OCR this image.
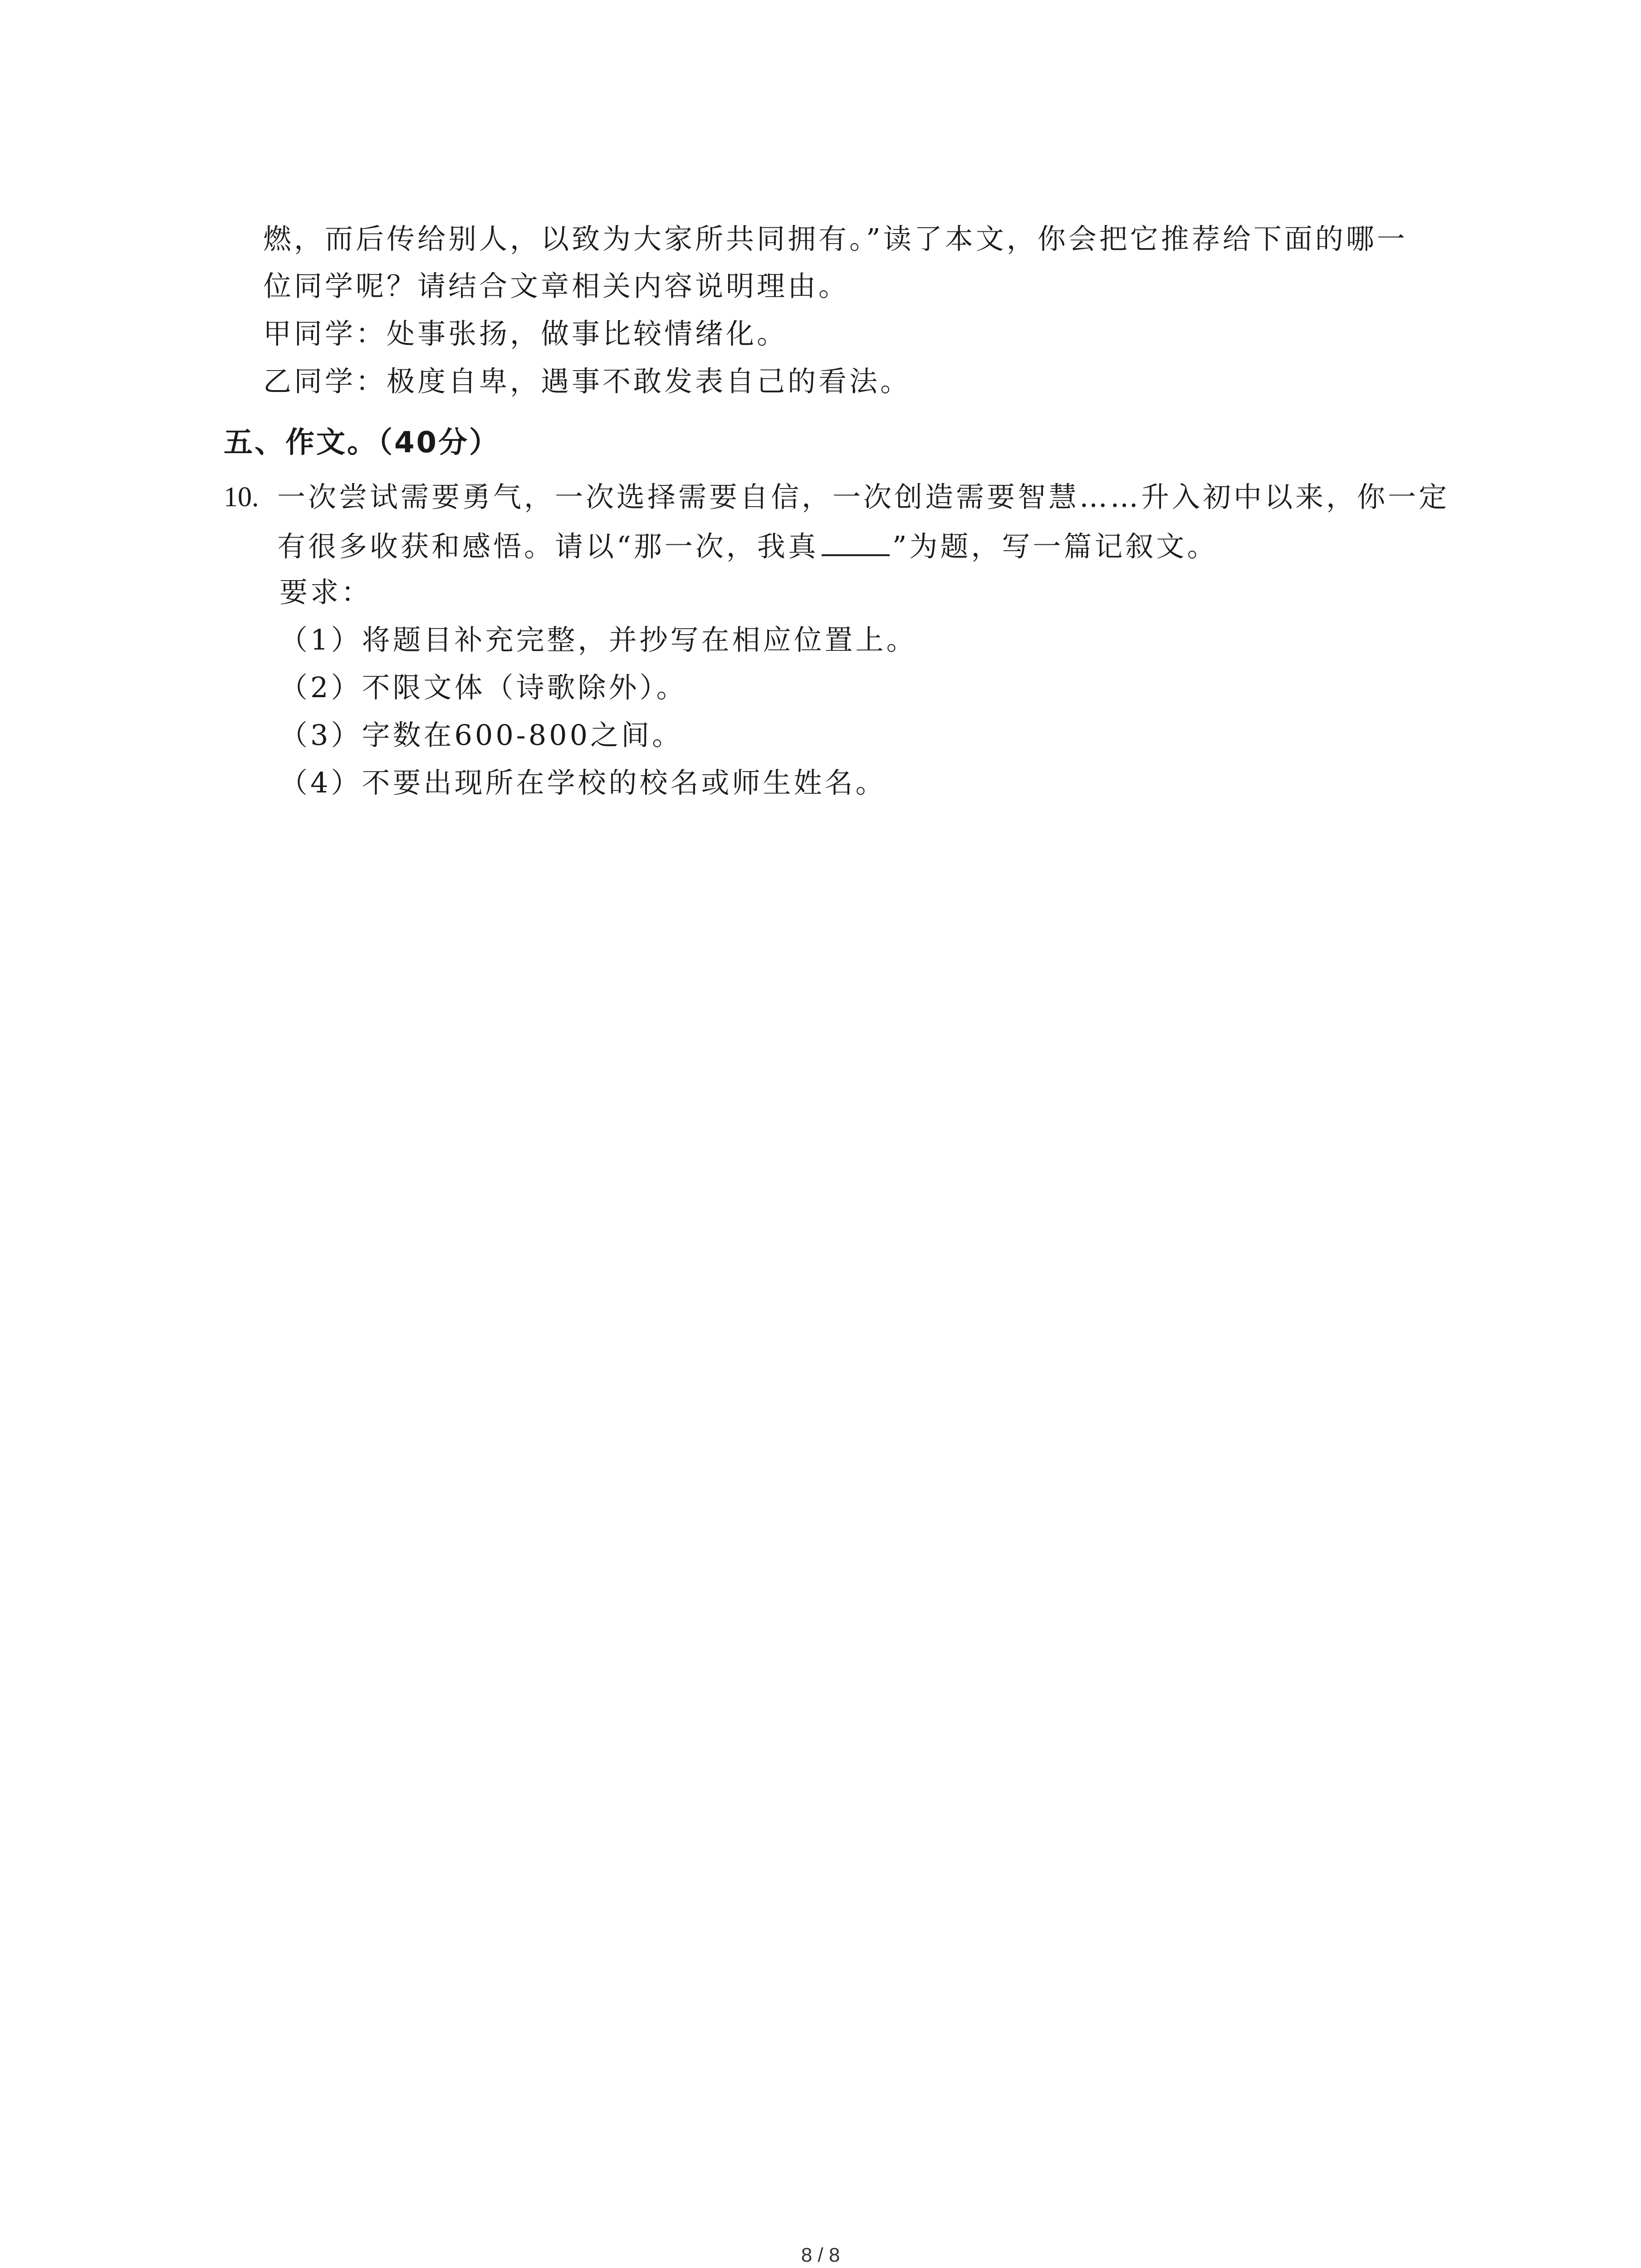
燃，而后传给别人，以致为大家所共同拥有。”读了本文，你会把它推荐给下面的哪一
位同学呢？请结合文章相关内容说明理由。
甲同学：处事张扬，做事比较情绪化。
乙同学：极度自卑，遇事不敢发表自己的看法。
五、作文。（40分）
10. 一次尝试需要勇气，一次选择需要自信，一次创造需要智慧……升入初中以来，你一定
有很多收获和感悟。请以“那一次，我真	”为题，写一篇记叙文。
要求：
（1）将题目补充完整，并抄写在相应位置上。
（2）不限文体（诗歌除外）。
（3）字数在600-800之间。
（4）不要出现所在学校的校名或师生姓名。
8 / 8
